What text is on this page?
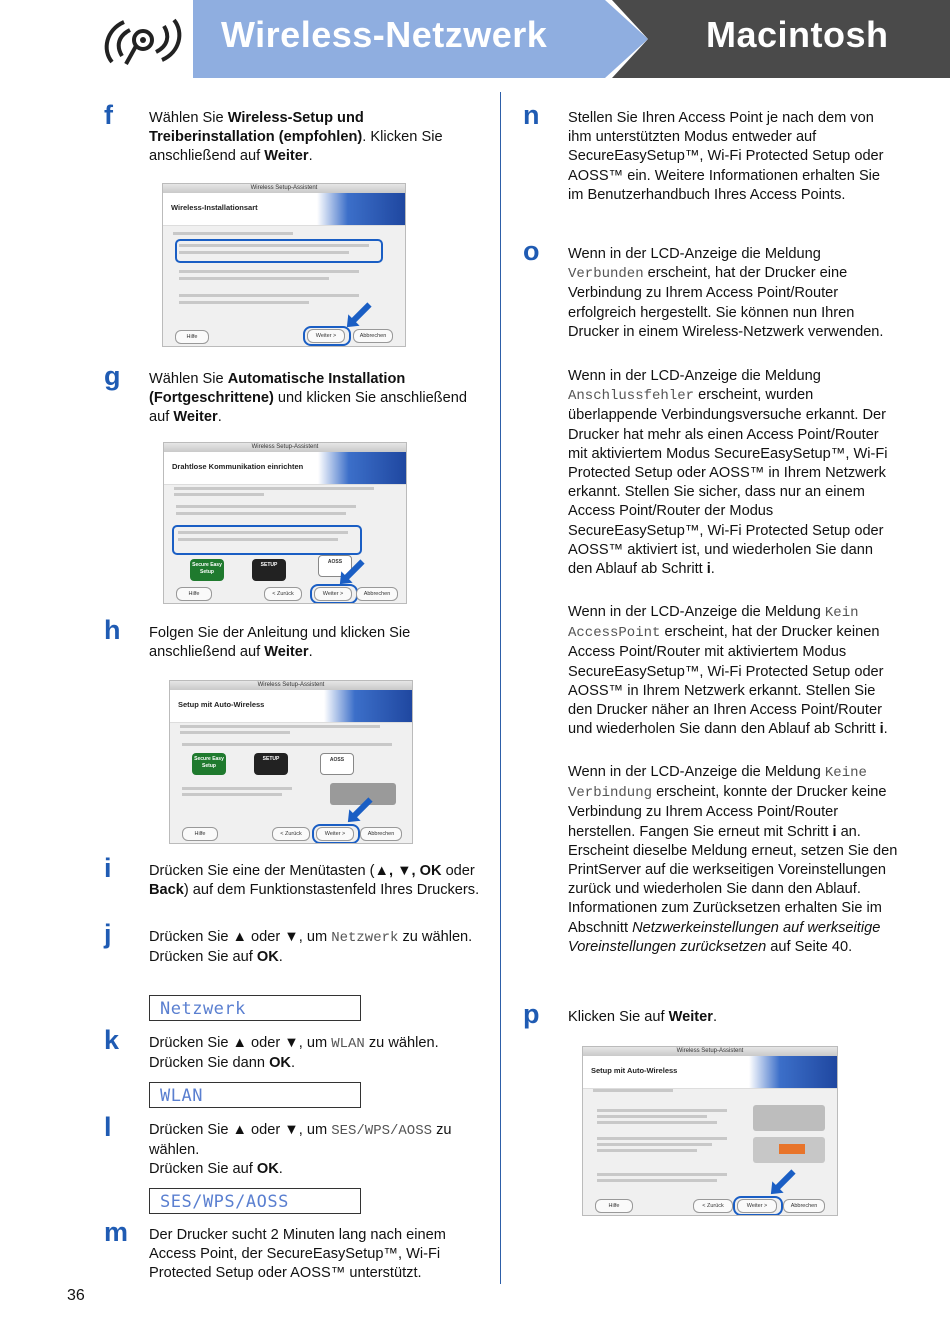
Wireless-Netzwerk	Macintosh
f Wählen Sie Wireless-Setup und Treiberinstallation (empfohlen). Klicken Sie anschließend auf Weiter.
Wireless Setup-Assistent
Wireless-Installationsart
Hilfe	Weiter >	Abbrechen
g Wählen Sie Automatische Installation (Fortgeschrittene) und klicken Sie anschließend auf Weiter.
Wireless Setup-Assistent
Drahtlose Kommunikation einrichten
Secure Easy Setup
SETUP	AOSS
Hilfe	< Zurück	Weiter >	Abbrechen
h Folgen Sie der Anleitung und klicken Sie anschließend auf Weiter.
Wireless Setup-Assistent
Setup mit Auto-Wireless
Secure Easy Setup
SETUP	AOSS
Hilfe	< Zurück	Weiter >	Abbrechen
i	Drücken Sie eine der Menütasten (▲, ▼, OK oder Back) auf dem Funktionstastenfeld Ihres Druckers.
j	Drücken Sie ▲ oder ▼, um Netzwerk zu wählen.
Drücken Sie auf OK.
Netzwerk
k Drücken Sie ▲ oder ▼, um WLAN zu wählen.
Drücken Sie dann OK.
WLAN
l	Drücken Sie ▲ oder ▼, um SES/WPS/AOSS zu wählen.
Drücken Sie auf OK.
SES/WPS/AOSS
m Der Drucker sucht 2 Minuten lang nach einem Access Point, der SecureEasySetup™, Wi-Fi Protected Setup oder AOSS™ unterstützt.
n Stellen Sie Ihren Access Point je nach dem von ihm unterstützten Modus entweder auf SecureEasySetup™, Wi-Fi Protected Setup oder AOSS™ ein. Weitere Informationen erhalten Sie im Benutzerhandbuch Ihres Access Points.
o Wenn in der LCD-Anzeige die Meldung Verbunden erscheint, hat der Drucker eine Verbindung zu Ihrem Access Point/Router erfolgreich hergestellt. Sie können nun Ihren Drucker in einem Wireless-Netzwerk verwenden.
Wenn in der LCD-Anzeige die Meldung Anschlussfehler erscheint, wurden überlappende Verbindungsversuche erkannt. Der Drucker hat mehr als einen Access Point/Router mit aktiviertem Modus SecureEasySetup™, Wi-Fi Protected Setup oder AOSS™ in Ihrem Netzwerk erkannt. Stellen Sie sicher, dass nur an einem Access Point/Router der Modus SecureEasySetup™, Wi-Fi Protected Setup oder AOSS™ aktiviert ist, und wiederholen Sie dann den Ablauf ab Schritt i.
Wenn in der LCD-Anzeige die Meldung Kein AccessPoint erscheint, hat der Drucker keinen Access Point/Router mit aktiviertem Modus SecureEasySetup™, Wi-Fi Protected Setup oder AOSS™ in Ihrem Netzwerk erkannt. Stellen Sie den Drucker näher an Ihren Access Point/Router und wiederholen Sie dann den Ablauf ab Schritt i.
Wenn in der LCD-Anzeige die Meldung Keine Verbindung erscheint, konnte der Drucker keine Verbindung zu Ihrem Access Point/Router herstellen. Fangen Sie erneut mit Schritt i an. Erscheint dieselbe Meldung erneut, setzen Sie den PrintServer auf die werkseitigen Voreinstellungen zurück und wiederholen Sie dann den Ablauf. Informationen zum Zurücksetzen erhalten Sie im Abschnitt Netzwerkeinstellungen auf werkseitige Voreinstellungen zurücksetzen auf Seite 40.
p Klicken Sie auf Weiter.
Wireless Setup-Assistent
Setup mit Auto-Wireless
Hilfe	< Zurück	Weiter >	Abbrechen
36
